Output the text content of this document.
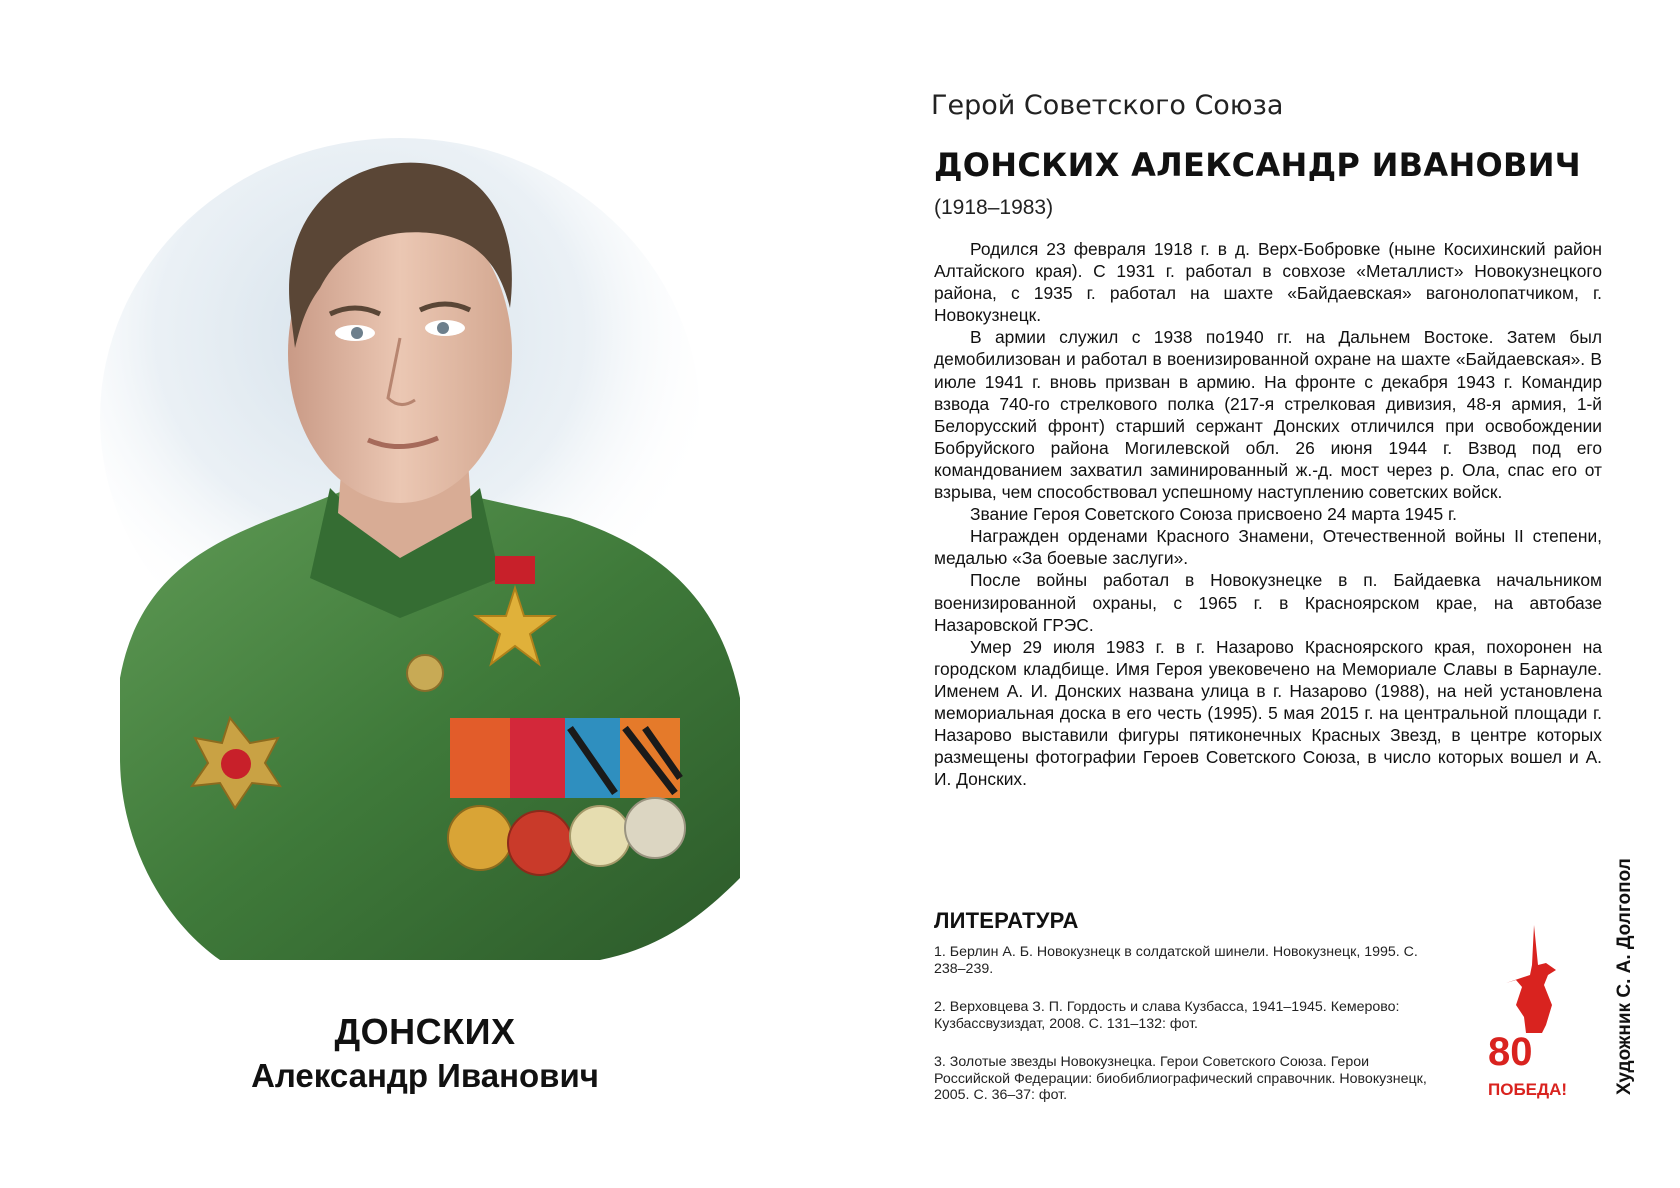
ДОНСКИХ
Александр Иванович
Герой Советского Союза
ДОНСКИХ АЛЕКСАНДР ИВАНОВИЧ
(1918–1983)

Родился 23 февраля 1918 г. в д. Верх-Бобровке (ныне Косихинский район Алтайского края). С 1931 г. работал в совхозе «Металлист» Новокузнецкого района, с 1935 г. работал на шахте «Байдаевская» вагонолопатчиком, г. Новокузнецк.

В армии служил с 1938 по1940 гг. на Дальнем Востоке. Затем был демобилизован и работал в военизированной охране на шахте «Байдаевская». В июле 1941 г. вновь призван в армию. На фронте с декабря 1943 г. Командир взвода 740-го стрелкового полка (217-я стрелковая дивизия, 48-я армия, 1-й Белорусский фронт) старший сержант Донских отличился при освобождении Бобруйского района Могилевской обл. 26 июня 1944 г. Взвод под его командованием захватил заминированный ж.-д. мост через р. Ола, спас его от взрыва, чем способствовал успешному наступлению советских войск.

Звание Героя Советского Союза присвоено 24 марта 1945 г.

Награжден орденами Красного Знамени, Отечественной войны II степени, медалью «За боевые заслуги».

После войны работал в Новокузнецке в п. Байдаевка начальником военизированной охраны, с 1965 г. в Красноярском крае, на автобазе Назаровской ГРЭС.

Умер 29 июля 1983 г. в г. Назарово Красноярского края, похоронен на городском кладбище. Имя Героя увековечено на Мемориале Славы в Барнауле. Именем А. И. Донских названа улица в г. Назарово (1988), на ней установлена мемориальная доска в его честь (1995). 5 мая 2015 г. на центральной площади г. Назарово выставили фигуры пятиконечных Красных Звезд, в центре которых размещены фотографии Героев Советского Союза, в число которых вошел и А. И. Донских.

ЛИТЕРАТУРА
1. Берлин А. Б. Новокузнецк в солдатской шинели. Новокузнецк, 1995. С. 238–239.
2. Верховцева З. П. Гордость и слава Кузбасса, 1941–1945. Кемерово: Кузбассвузиздат, 2008. С. 131–132: фот.
3. Золотые звезды Новокузнецка. Герои Советского Союза. Герои Российской Федерации: биобиблиографический справочник. Новокузнецк, 2005. С. 36–37: фот.
80
ПОБЕДА! Художник С. А. Долгопол
